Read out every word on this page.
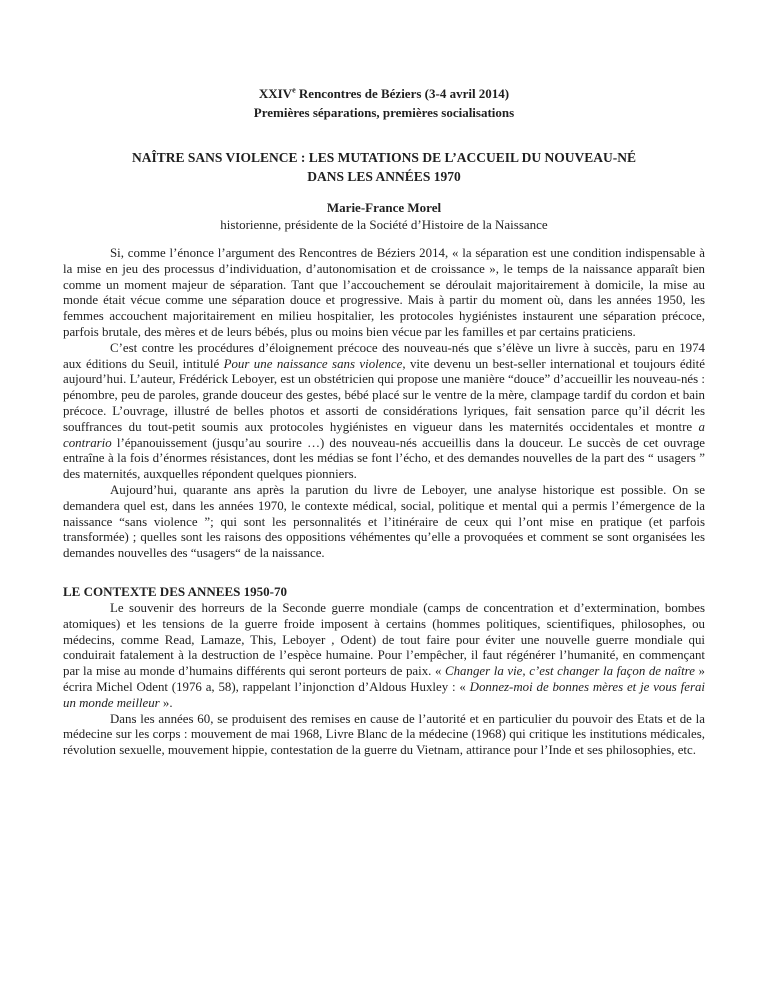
XXIVe Rencontres de Béziers (3-4 avril 2014)
Premières séparations, premières socialisations
NAÎTRE SANS VIOLENCE : LES MUTATIONS DE L’ACCUEIL DU NOUVEAU-NÉ
DANS LES ANNÉES 1970
Marie-France Morel
historienne, présidente de la Société d’Histoire de la Naissance

Si, comme l’énonce l’argument des Rencontres de Béziers 2014, « la séparation est une condition indispensable à la mise en jeu des processus d’individuation, d’autonomisation et de croissance », le temps de la naissance apparaît bien comme un moment majeur de séparation. Tant que l’accouchement se déroulait majoritairement à domicile, la mise au monde était vécue comme une séparation douce et progressive. Mais à partir du moment où, dans les années 1950, les femmes accouchent majoritairement en milieu hospitalier, les protocoles hygiénistes instaurent une séparation précoce, parfois brutale, des mères et de leurs bébés, plus ou moins bien vécue par les familles et par certains praticiens.

C’est contre les procédures d’éloignement précoce des nouveau-nés que s’élève un livre à succès, paru en 1974 aux éditions du Seuil, intitulé Pour une naissance sans violence, vite devenu un best-seller international et toujours édité aujourd’hui. L’auteur, Frédérick Leboyer, est un obstétricien qui propose une manière “douce” d’accueillir les nouveau-nés : pénombre, peu de paroles, grande douceur des gestes, bébé placé sur le ventre de la mère, clampage tardif du cordon et bain précoce. L’ouvrage, illustré de belles photos et assorti de considérations lyriques, fait sensation parce qu’il décrit les souffrances du tout-petit soumis aux protocoles hygiénistes en vigueur dans les maternités occidentales et montre a contrario l’épanouissement (jusqu’au sourire …) des nouveau-nés accueillis dans la douceur. Le succès de cet ouvrage entraîne à la fois d’énormes résistances, dont les médias se font l’écho, et des demandes nouvelles de la part des “ usagers ” des maternités, auxquelles répondent quelques pionniers.

Aujourd’hui, quarante ans après la parution du livre de Leboyer, une analyse historique est possible. On se demandera quel est, dans les années 1970, le contexte médical, social, politique et mental qui a permis l’émergence de la naissance “sans violence ”; qui sont les personnalités et l’itinéraire de ceux qui l’ont mise en pratique (et parfois transformée) ; quelles sont les raisons des oppositions véhémentes qu’elle a provoquées et comment se sont organisées les demandes nouvelles des “usagers“ de la naissance.

LE CONTEXTE DES ANNEES 1950-70

Le souvenir des horreurs de la Seconde guerre mondiale (camps de concentration et d’extermination, bombes atomiques) et les tensions de la guerre froide imposent à certains (hommes politiques, scientifiques, philosophes, ou médecins, comme Read, Lamaze, This, Leboyer , Odent) de tout faire pour éviter une nouvelle guerre mondiale qui conduirait fatalement à la destruction de l’espèce humaine. Pour l’empêcher, il faut régénérer l’humanité, en commençant par la mise au monde d’humains différents qui seront porteurs de paix. « Changer la vie, c’est changer la façon de naître » écrira Michel Odent (1976 a, 58), rappelant l’injonction d’Aldous Huxley : « Donnez-moi de bonnes mères et je vous ferai un monde meilleur ».

Dans les années 60, se produisent des remises en cause de l’autorité et en particulier du pouvoir des Etats et de la médecine sur les corps : mouvement de mai 1968, Livre Blanc de la médecine (1968) qui critique les institutions médicales, révolution sexuelle, mouvement hippie, contestation de la guerre du Vietnam, attirance pour l’Inde et ses philosophies, etc.
